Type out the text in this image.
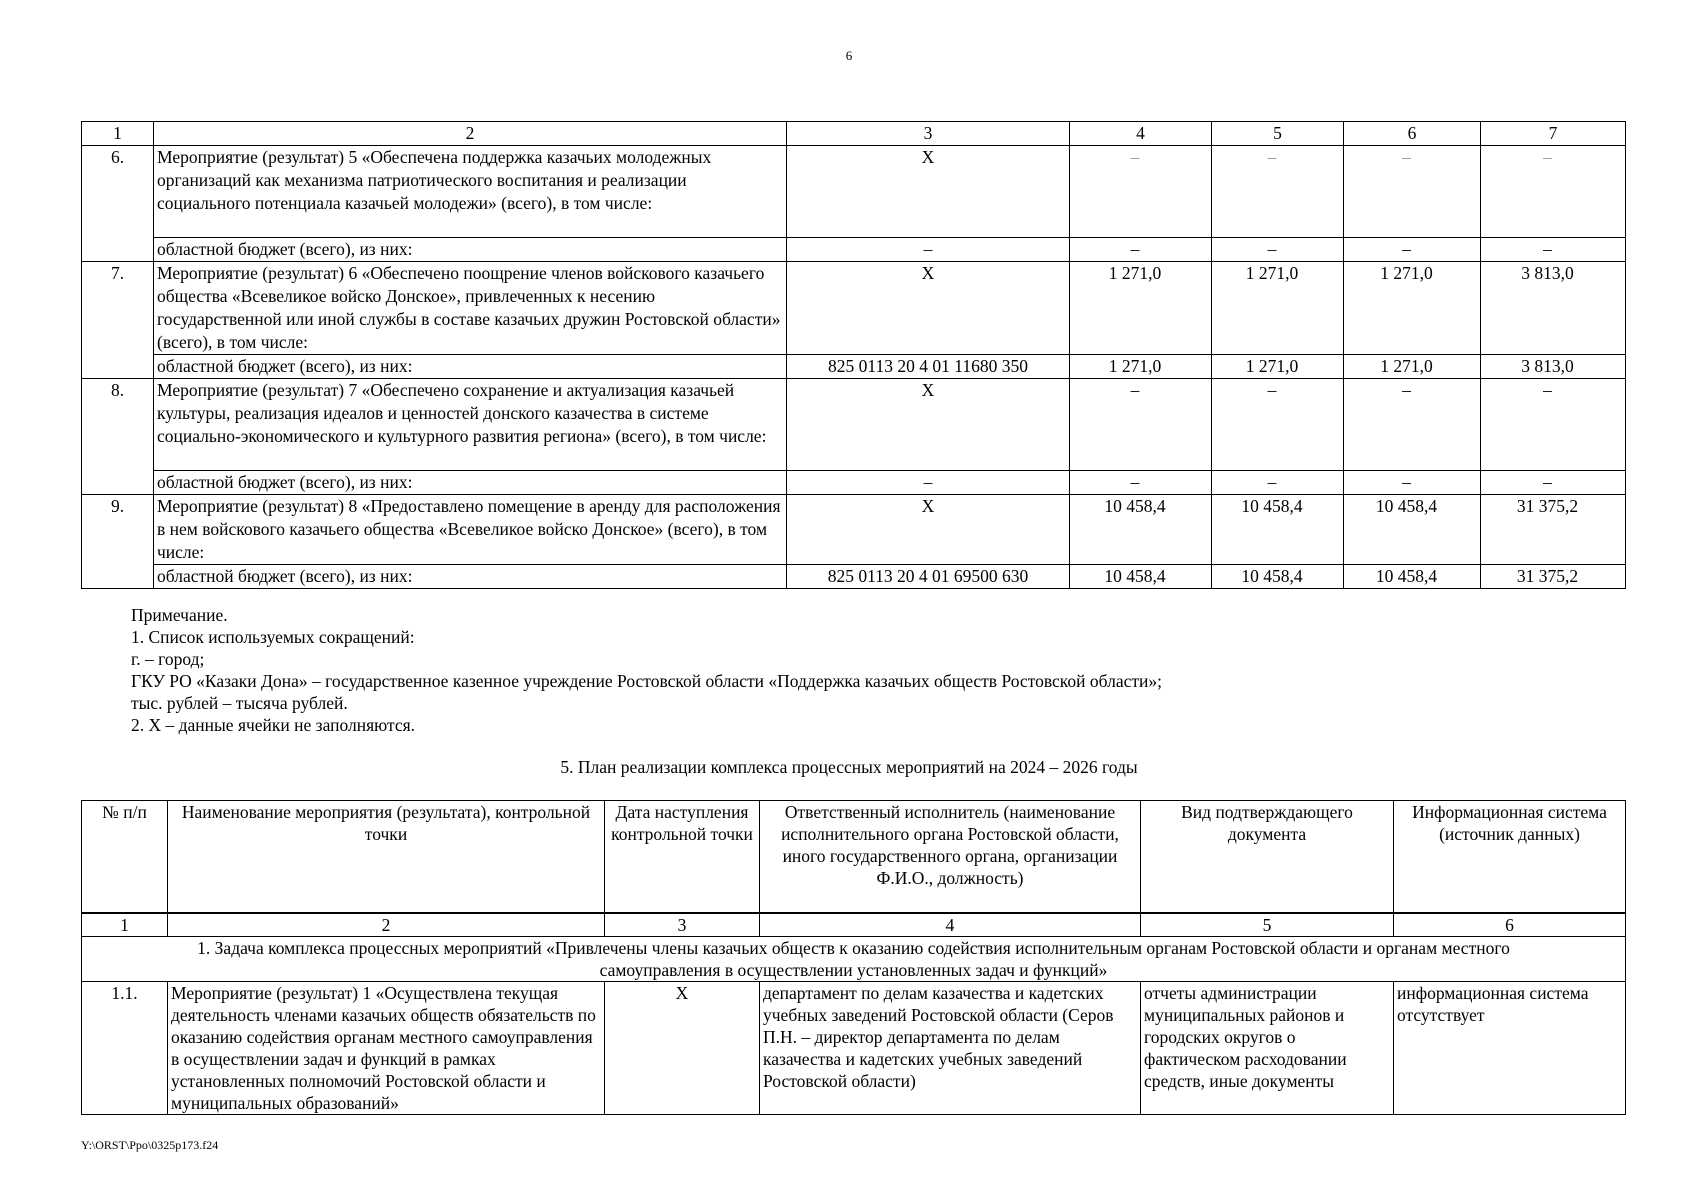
6
1	2	3	4	5	6	7
6.	Мероприятие (результат) 5 «Обеспечена поддержка казачьих молодежных организаций как механизма патриотического воспитания и реализации социального потенциала казачьей молодежи» (всего), в том числе:	Х	–	–	–	–
	областной бюджет (всего), из них:	–	–	–	–	–
7.	Мероприятие (результат) 6 «Обеспечено поощрение членов войскового казачьего общества «Всевеликое войско Донское», привлеченных к несению государственной или иной службы в составе казачьих дружин Ростовской области» (всего), в том числе:	Х	1 271,0	1 271,0	1 271,0	3 813,0
	областной бюджет (всего), из них:	825 0113 20 4 01 11680 350	1 271,0	1 271,0	1 271,0	3 813,0
8.	Мероприятие (результат) 7 «Обеспечено сохранение и актуализация казачьей культуры, реализация идеалов и ценностей донского казачества в системе социально-экономического и культурного развития региона» (всего), в том числе:	Х	–	–	–	–
	областной бюджет (всего), из них:	–	–	–	–	–
9.	Мероприятие (результат) 8 «Предоставлено помещение в аренду для расположения в нем войскового казачьего общества «Всевеликое войско Донское» (всего), в том числе:	Х	10 458,4	10 458,4	10 458,4	31 375,2
	областной бюджет (всего), из них:	825 0113 20 4 01 69500 630	10 458,4	10 458,4	10 458,4	31 375,2
Примечание.
1. Список используемых сокращений:
г. – город;
ГКУ РО «Казаки Дона» – государственное казенное учреждение Ростовской области «Поддержка казачьих обществ Ростовской области»;
тыс. рублей – тысяча рублей.
2. Х – данные ячейки не заполняются.
5. План реализации комплекса процессных мероприятий на 2024 – 2026 годы
№ п/п	Наименование мероприятия (результата), контрольной точки	Дата наступления контрольной точки	Ответственный исполнитель (наименование исполнительного органа Ростовской области, иного государственного органа, организации Ф.И.О., должность)	Вид подтверждающего документа	Информационная система (источник данных)
1	2	3	4	5	6
1. Задача комплекса процессных мероприятий «Привлечены члены казачьих обществ к оказанию содействия исполнительным органам Ростовской области и органам местного самоуправления в осуществлении установленных задач и функций»					
1.1.	Мероприятие (результат) 1 «Осуществлена текущая деятельность членами казачьих обществ обязательств по оказанию содействия органам местного самоуправления в осуществлении задач и функций в рамках установленных полномочий Ростовской области и муниципальных образований»	Х	департамент по делам казачества и кадетских учебных заведений Ростовской области (Серов П.Н. – директор департамента по делам казачества и кадетских учебных заведений Ростовской области)	отчеты администрации муниципальных районов и городских округов о фактическом расходовании средств, иные документы	информационная система отсутствует
Y:\ORST\Ppo\0325p173.f24
